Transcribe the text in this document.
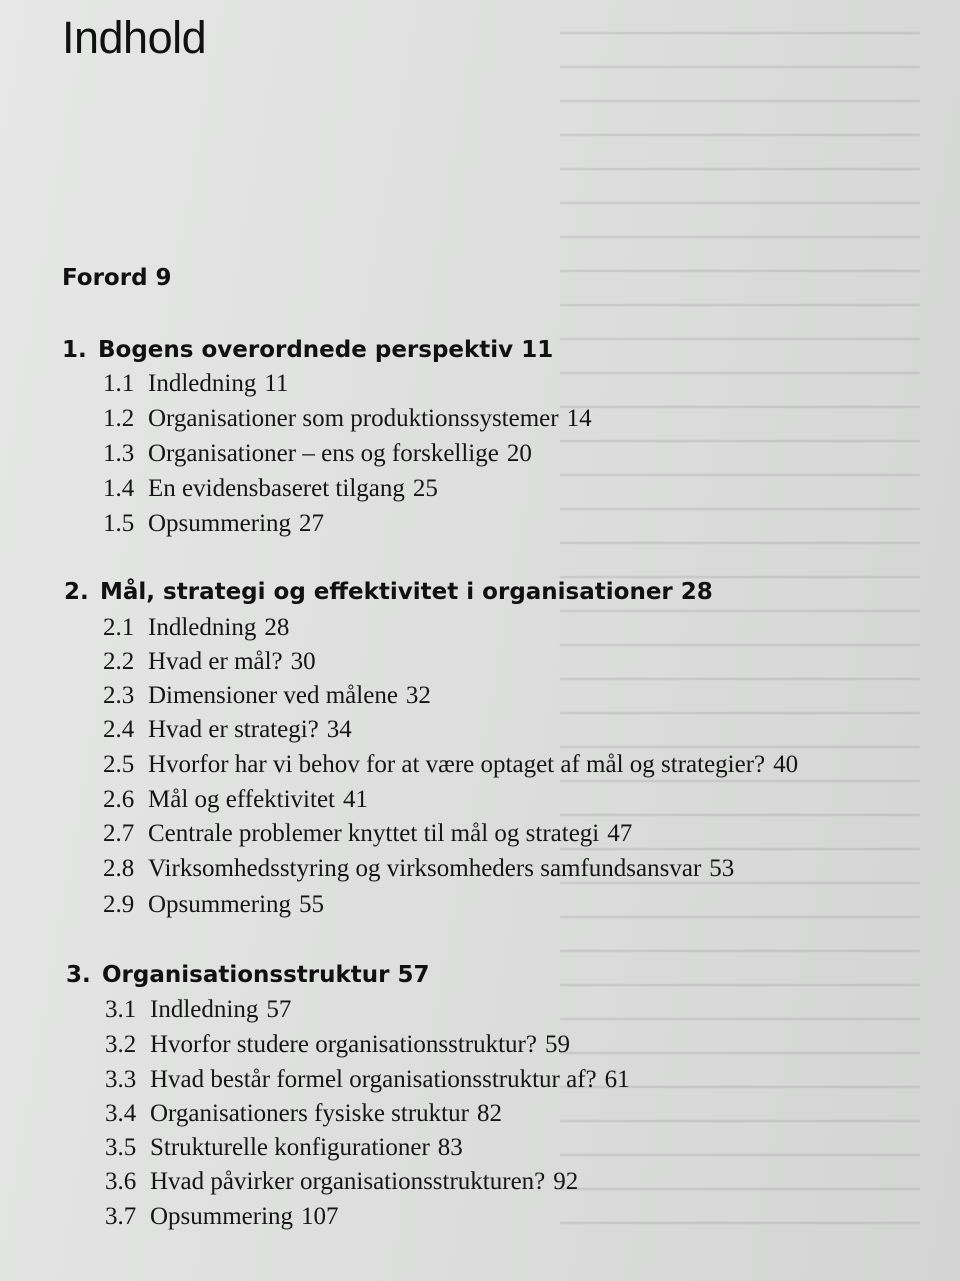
Indhold
Forord 9
1. Bogens overordnede perspektiv 11
1.1 Indledning 11
1.2 Organisationer som produktionssystemer 14
1.3 Organisationer – ens og forskellige 20
1.4 En evidensbaseret tilgang 25
1.5 Opsummering 27
2. Mål, strategi og effektivitet i organisationer 28
2.1 Indledning 28
2.2 Hvad er mål? 30
2.3 Dimensioner ved målene 32
2.4 Hvad er strategi? 34
2.5 Hvorfor har vi behov for at være optaget af mål og strategier? 40
2.6 Mål og effektivitet 41
2.7 Centrale problemer knyttet til mål og strategi 47
2.8 Virksomhedsstyring og virksomheders samfundsansvar 53
2.9 Opsummering 55
3. Organisationsstruktur 57
3.1 Indledning 57
3.2 Hvorfor studere organisationsstruktur? 59
3.3 Hvad består formel organisationsstruktur af? 61
3.4 Organisationers fysiske struktur 82
3.5 Strukturelle konfigurationer 83
3.6 Hvad påvirker organisationsstrukturen? 92
3.7 Opsummering 107
